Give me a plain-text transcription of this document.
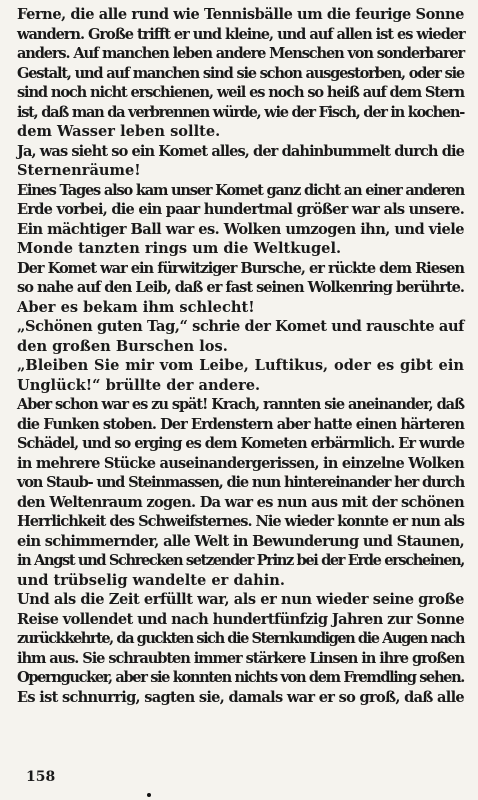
Ferne, die alle rund wie Tennisbälle um die feurige Sonne
wandern. Große trifft er und kleine, und auf allen ist es wieder
anders. Auf manchen leben andere Menschen von sonderbarer
Gestalt, und auf manchen sind sie schon ausgestorben, oder sie
sind noch nicht erschienen, weil es noch so heiß auf dem Stern
ist, daß man da verbrennen würde, wie der Fisch, der in kochen-
dem Wasser leben sollte.
Ja, was sieht so ein Komet alles, der dahinbummelt durch die
Sternenräume!
Eines Tages also kam unser Komet ganz dicht an einer anderen
Erde vorbei, die ein paar hundertmal größer war als unsere.
Ein mächtiger Ball war es. Wolken umzogen ihn, und viele
Monde tanzten rings um die Weltkugel.
Der Komet war ein fürwitziger Bursche, er rückte dem Riesen
so nahe auf den Leib, daß er fast seinen Wolkenring berührte.
Aber es bekam ihm schlecht!
„Schönen guten Tag,“ schrie der Komet und rauschte auf
den großen Burschen los.
„Bleiben Sie mir vom Leibe, Luftikus, oder es gibt ein
Unglück!“ brüllte der andere.
Aber schon war es zu spät! Krach, rannten sie aneinander, daß
die Funken stoben. Der Erdenstern aber hatte einen härteren
Schädel, und so erging es dem Kometen erbärmlich. Er wurde
in mehrere Stücke auseinandergerissen, in einzelne Wolken
von Staub- und Steinmassen, die nun hintereinander her durch
den Weltenraum zogen. Da war es nun aus mit der schönen
Herrlichkeit des Schweifsternes. Nie wieder konnte er nun als
ein schimmernder, alle Welt in Bewunderung und Staunen,
in Angst und Schrecken setzender Prinz bei der Erde erscheinen,
und trübselig wandelte er dahin.
Und als die Zeit erfüllt war, als er nun wieder seine große
Reise vollendet und nach hundertfünfzig Jahren zur Sonne
zurückkehrte, da guckten sich die Sternkundigen die Augen nach
ihm aus. Sie schraubten immer stärkere Linsen in ihre großen
Operngucker, aber sie konnten nichts von dem Fremdling sehen.
Es ist schnurrig, sagten sie, damals war er so groß, daß alle
158
